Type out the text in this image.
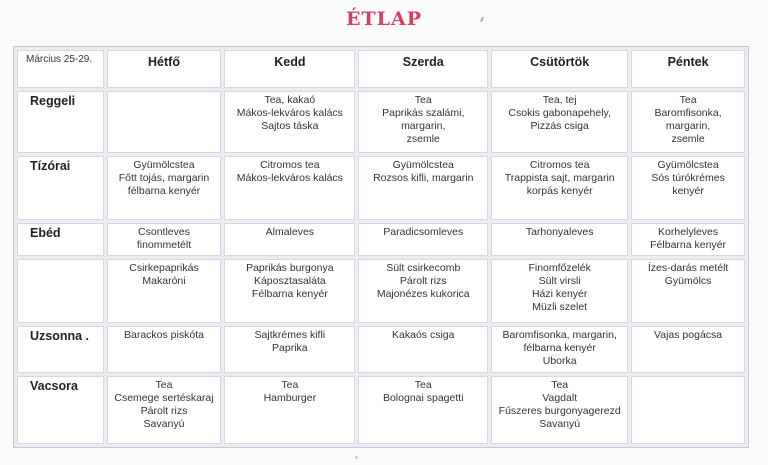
ÉTLAP
Március 25-29.	Hétfő	Kedd	Szerda	Csütörtök	Péntek
Reggeli		Tea, kakaó
Mákos-lekváros kalács
Sajtos táska	Tea
Paprikás szalámi,
margarin,
zsemle	Tea, tej
Csokis gabonapehely,
Pizzás csiga	Tea
Baromfisonka,
margarin,
zsemle

Tízórai	Gyümölcstea
Főtt tojás, margarin
félbarna kenyér	Citromos tea
Mákos-lekváros kalács	Gyümölcstea
Rozsos kifli, margarin	Citromos tea
Trappista sajt, margarin
korpás kenyér	Gyümölcstea
Sós túrókrémes
kenyér

Ebéd	Csontleves
finommetélt	Almaleves	Paradicsomleves	Tarhonyaleves	Korhelyleves
Félbarna kenyér

	Csirkepaprikás
Makaróni	Paprikás burgonya
Káposztasaláta
Félbarna kenyér	Sült csirkecomb
Párolt rizs
Majonézes kukorica	Finomfőzelék
Sült virsli
Házi kenyér
Müzli szelet	Ízes-darás metélt
Gyümölcs

Uzsonna .	Barackos piskóta	Sajtkrémes kifli
Paprika	Kakaós csiga	Baromfisonka, margarin,
félbarna kenyér
Uborka	Vajas pogácsa

Vacsora	Tea
Csemege sertéskaraj
Párolt rizs
Savanyú	Tea
Hamburger	Tea
Bolognai spagetti	Tea
Vagdalt
Fűszeres burgonyagerezd
Savanyú	
